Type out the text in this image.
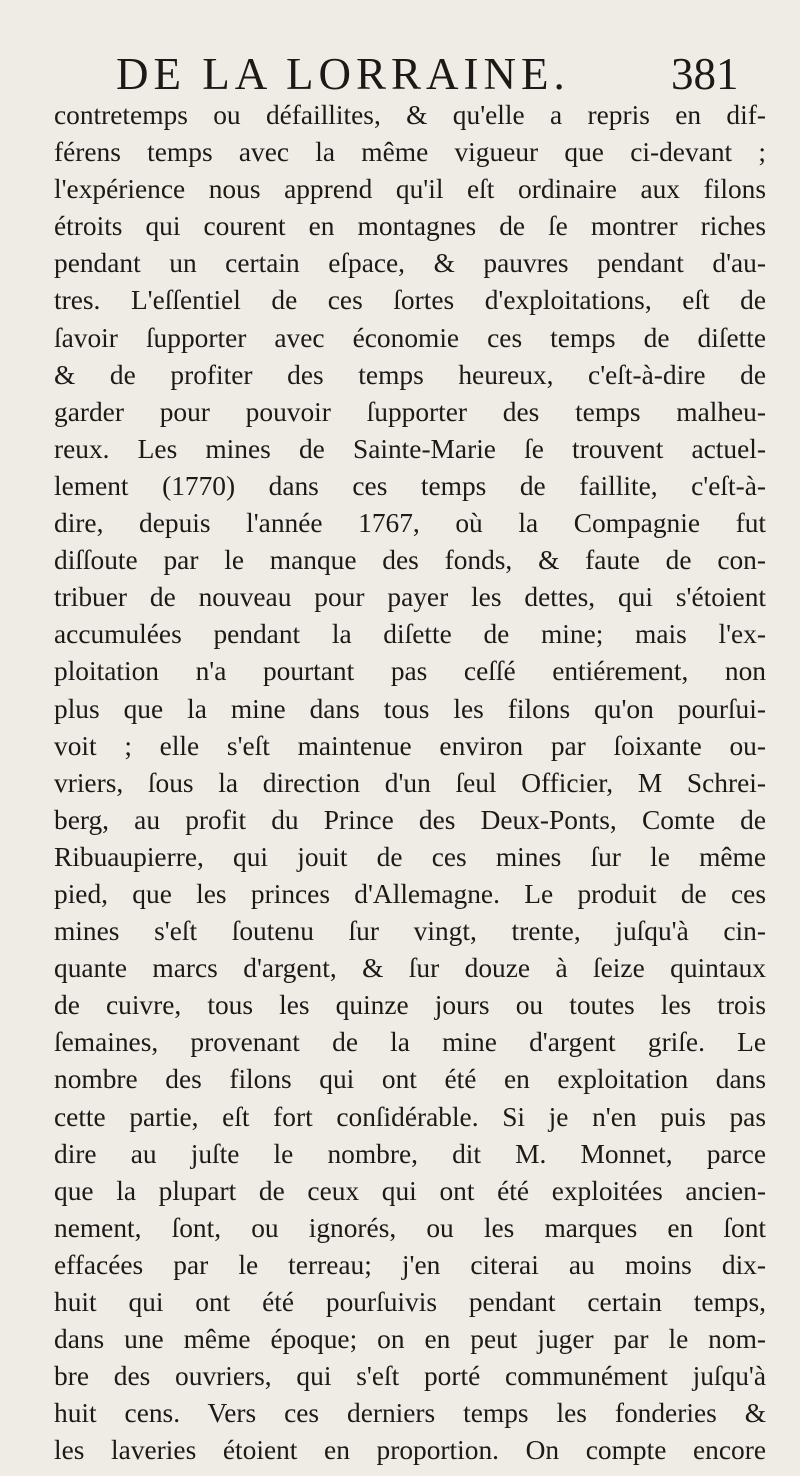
DE LA LORRAINE. 381
contretemps ou défaillites, & qu'elle a repris en dif-
férens temps avec la même vigueur que ci-devant ;
l'expérience nous apprend qu'il eſt ordinaire aux filons
étroits qui courent en montagnes de ſe montrer riches
pendant un certain eſpace, & pauvres pendant d'au-
tres. L'eſſentiel de ces ſortes d'exploitations, eſt de
ſavoir ſupporter avec économie ces temps de diſette
& de profiter des temps heureux, c'eſt-à-dire de
garder pour pouvoir ſupporter des temps malheu-
reux. Les mines de Sainte-Marie ſe trouvent actuel-
lement (1770) dans ces temps de faillite, c'eſt-à-
dire, depuis l'année 1767, où la Compagnie fut
diſſoute par le manque des fonds, & faute de con-
tribuer de nouveau pour payer les dettes, qui s'étoient
accumulées pendant la diſette de mine; mais l'ex-
ploitation n'a pourtant pas ceſſé entiérement, non
plus que la mine dans tous les filons qu'on pourſui-
voit ; elle s'eſt maintenue environ par ſoixante ou-
vriers, ſous la direction d'un ſeul Officier, M Schrei-
berg, au profit du Prince des Deux-Ponts, Comte de
Ribuaupierre, qui jouit de ces mines ſur le même
pied, que les princes d'Allemagne. Le produit de ces
mines s'eſt ſoutenu ſur vingt, trente, juſqu'à cin-
quante marcs d'argent, & ſur douze à ſeize quintaux
de cuivre, tous les quinze jours ou toutes les trois
ſemaines, provenant de la mine d'argent griſe. Le
nombre des filons qui ont été en exploitation dans
cette partie, eſt fort conſidérable. Si je n'en puis pas
dire au juſte le nombre, dit M. Monnet, parce
que la plupart de ceux qui ont été exploitées ancien-
nement, ſont, ou ignorés, ou les marques en ſont
effacées par le terreau; j'en citerai au moins dix-
huit qui ont été pourſuivis pendant certain temps,
dans une même époque; on en peut juger par le nom-
bre des ouvriers, qui s'eſt porté communément juſqu'à
huit cens. Vers ces derniers temps les fonderies &
les laveries étoient en proportion. On compte encore
